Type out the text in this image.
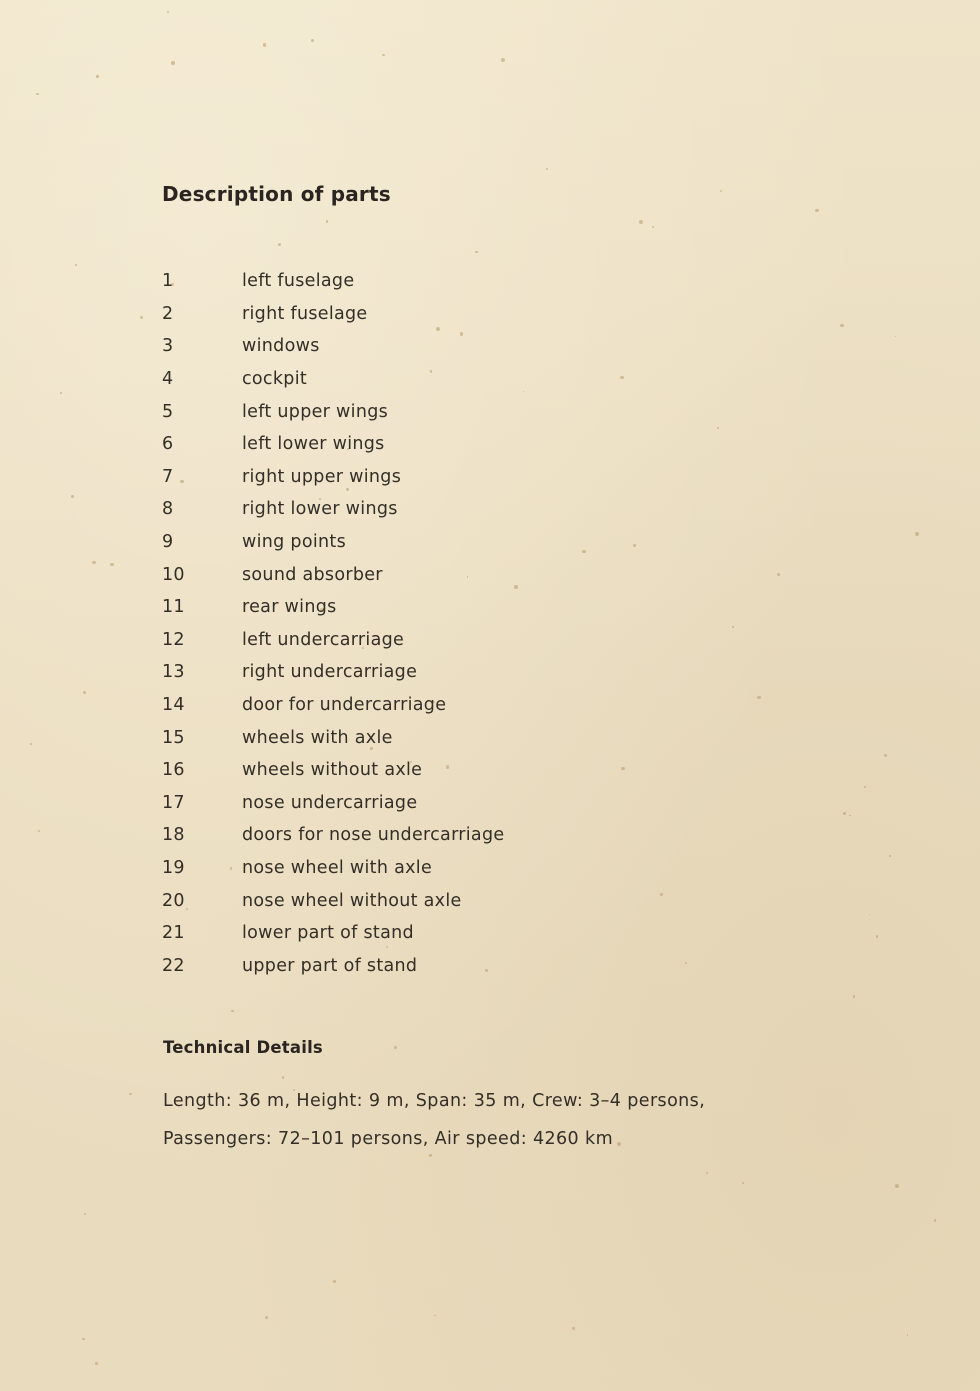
Description of parts
1	left fuselage
2	right fuselage
3	windows
4	cockpit
5	left upper wings
6	left lower wings
7	right upper wings
8	right lower wings
9	wing points
10	sound absorber
11	rear wings
12	left undercarriage
13	right undercarriage
14	door for undercarriage
15	wheels with axle
16	wheels without axle
17	nose undercarriage
18	doors for nose undercarriage
19	nose wheel with axle
20	nose wheel without axle
21	lower part of stand
22	upper part of stand
Technical Details
Length: 36 m, Height: 9 m, Span: 35 m, Crew: 3–4 persons,
Passengers: 72–101 persons, Air speed: 4260 km
